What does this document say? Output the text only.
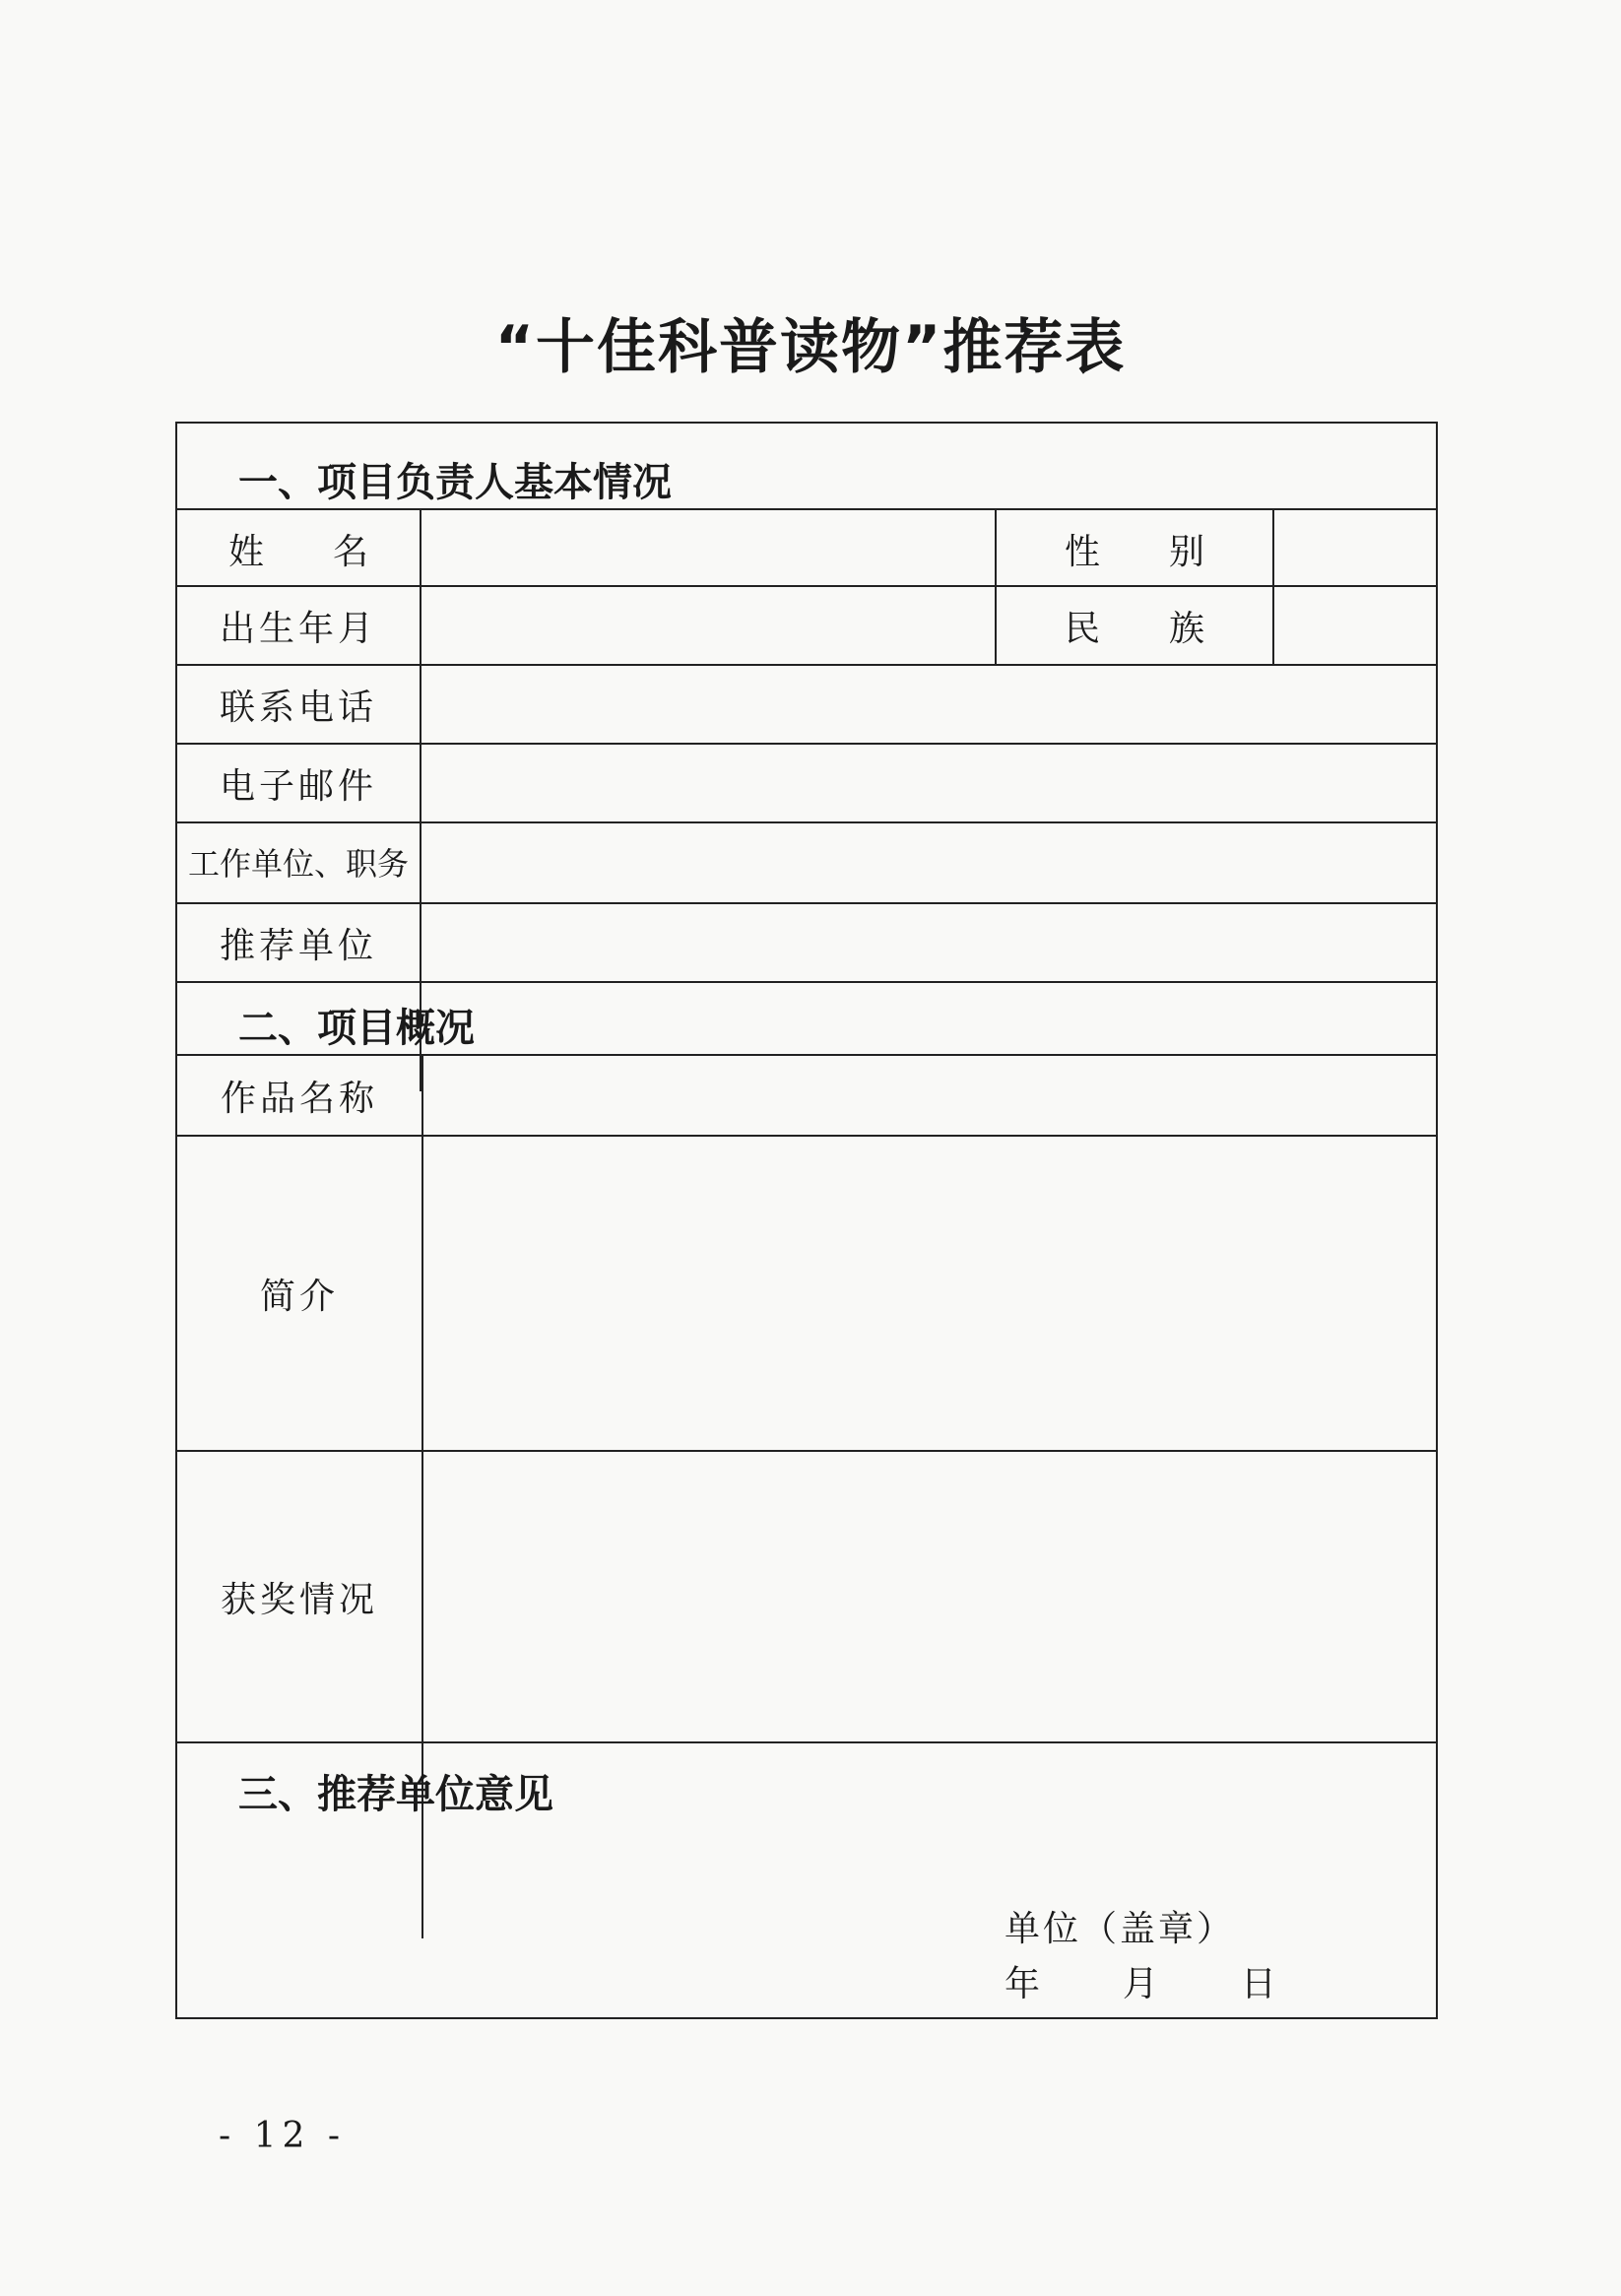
“十佳科普读物”推荐表
一、项目负责人基本情况
姓 名	性 别
出生年月	民 族
联系电话
电子邮件
工作单位、职务
推荐单位
二、项目概况
作品名称
简介
获奖情况
三、推荐单位意见
单位（盖章）
年 月 日
- 12 -
